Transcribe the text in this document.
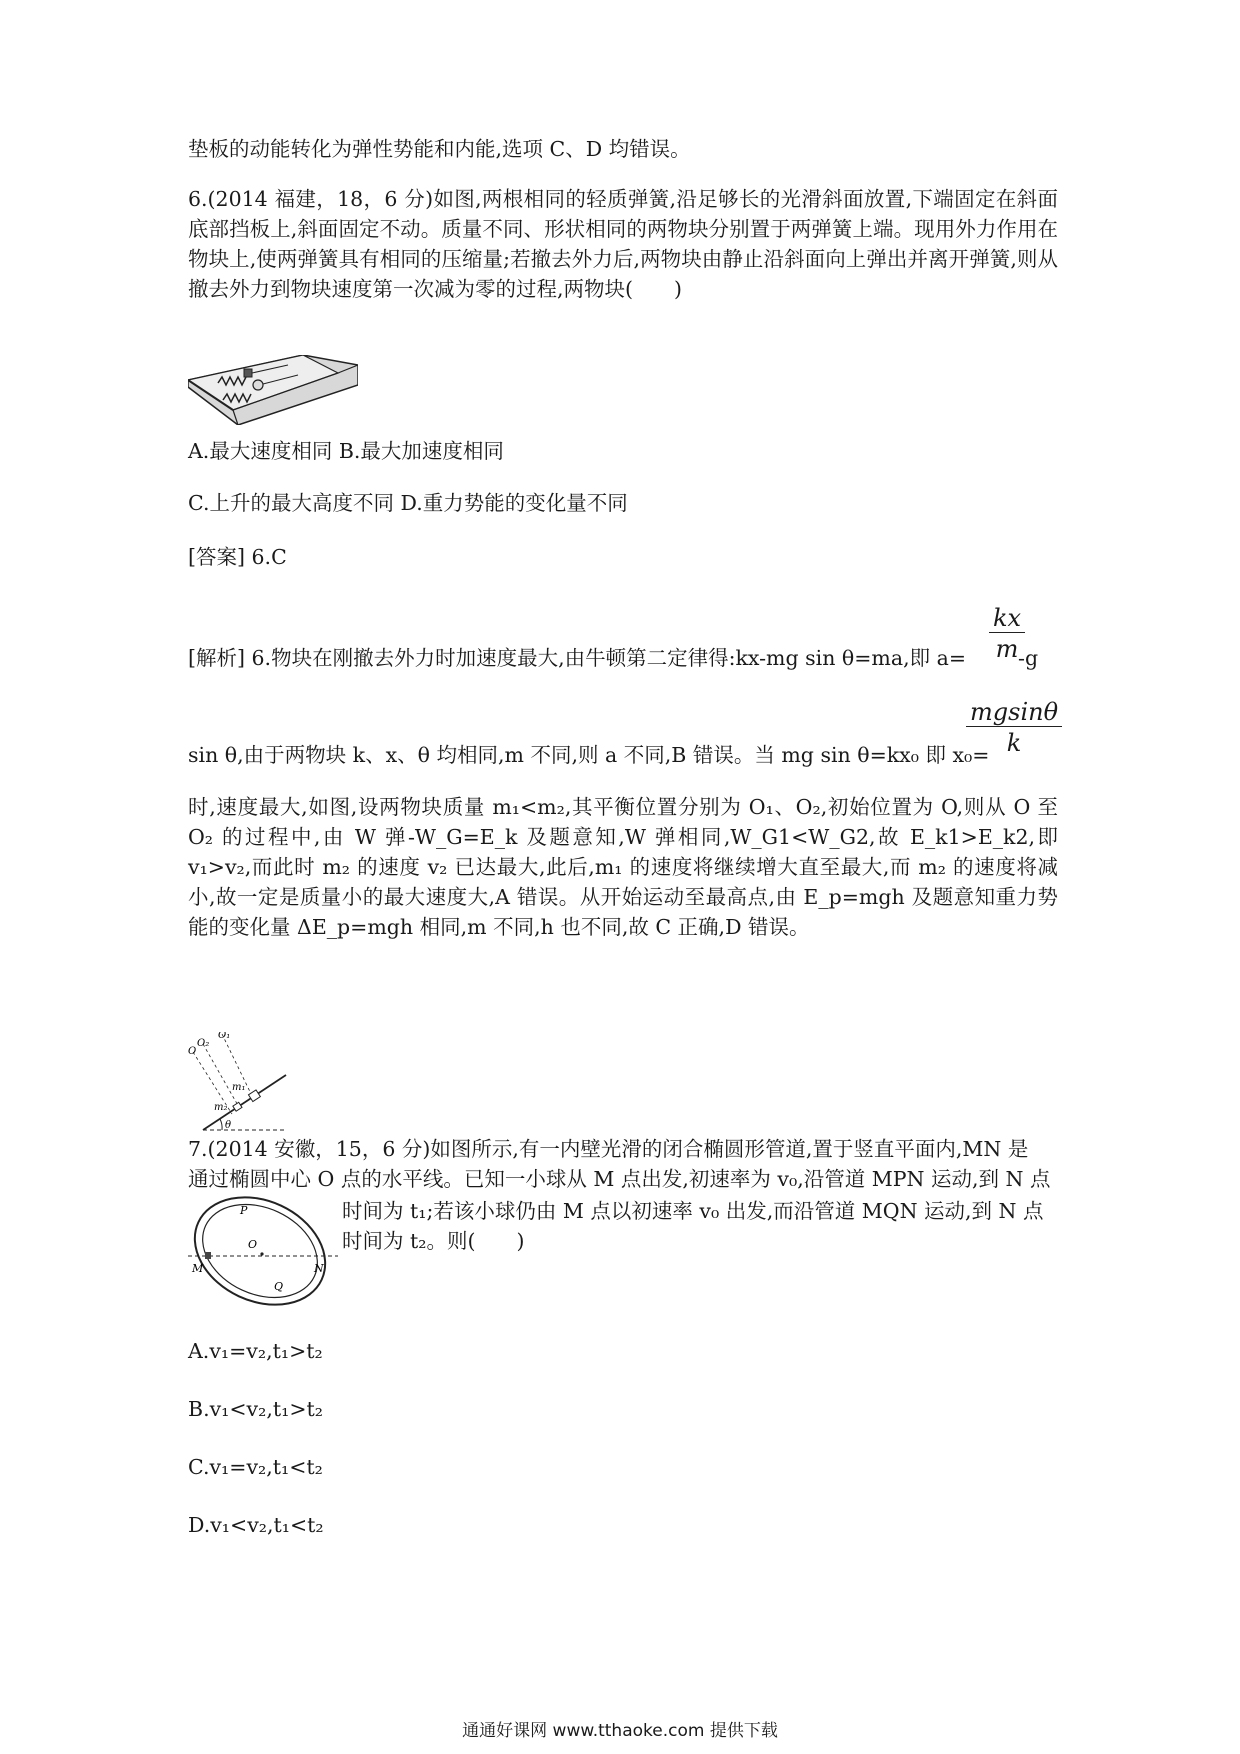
垫板的动能转化为弹性势能和内能,选项 C、D 均错误。

6.(2014 福建，18，6 分)如图,两根相同的轻质弹簧,沿足够长的光滑斜面放置,下端固定在斜面底部挡板上,斜面固定不动。质量不同、形状相同的两物块分别置于两弹簧上端。现用外力作用在物块上,使两弹簧具有相同的压缩量;若撤去外力后,两物块由静止沿斜面向上弹出并离开弹簧,则从撤去外力到物块速度第一次减为零的过程,两物块(　　)

A.最大速度相同 B.最大加速度相同

C.上升的最大高度不同 D.重力势能的变化量不同

[答案] 6.C

[解析] 6.物块在刚撤去外力时加速度最大,由牛顿第二定律得:kx-mg sin θ=ma,即 a=	-g

$\frac{kx}{m}$

sin θ,由于两物块 k、x、θ 均相同,m 不同,则 a 不同,B 错误。当 mg sin θ=kx₀ 即 x₀=

$\frac{mgsin\theta}{k}$

时,速度最大,如图,设两物块质量 m₁<m₂,其平衡位置分别为 O₁、O₂,初始位置为 O,则从 O 至 O₂ 的过程中,由 W 弹-W_G=E_k 及题意知,W 弹相同,W_G1<W_G2,故 E_k1>E_k2,即 v₁>v₂,而此时 m₂ 的速度 v₂ 已达最大,此后,m₁ 的速度将继续增大直至最大,而 m₂ 的速度将减小,故一定是质量小的最大速度大,A 错误。从开始运动至最高点,由 E_p=mgh 及题意知重力势能的变化量 ΔE_p=mgh 相同,m 不同,h 也不同,故 C 正确,D 错误。

θ
O
O₂
O₁
m₂
m₁

7.(2014 安徽，15，6 分)如图所示,有一内壁光滑的闭合椭圆形管道,置于竖直平面内,MN 是

通过椭圆中心 O 点的水平线。已知一小球从 M 点出发,初速率为 v₀,沿管道 MPN 运动,到 N 点

P
O
M	N
Q

时间为 t₁;若该小球仍由 M 点以初速率 v₀ 出发,而沿管道 MQN 运动,到 N 点

时间为 t₂。则(　　)

A.v₁=v₂,t₁>t₂

B.v₁<v₂,t₁>t₂

C.v₁=v₂,t₁<t₂

D.v₁<v₂,t₁<t₂

通通好课网 www.tthaoke.com 提供下载
